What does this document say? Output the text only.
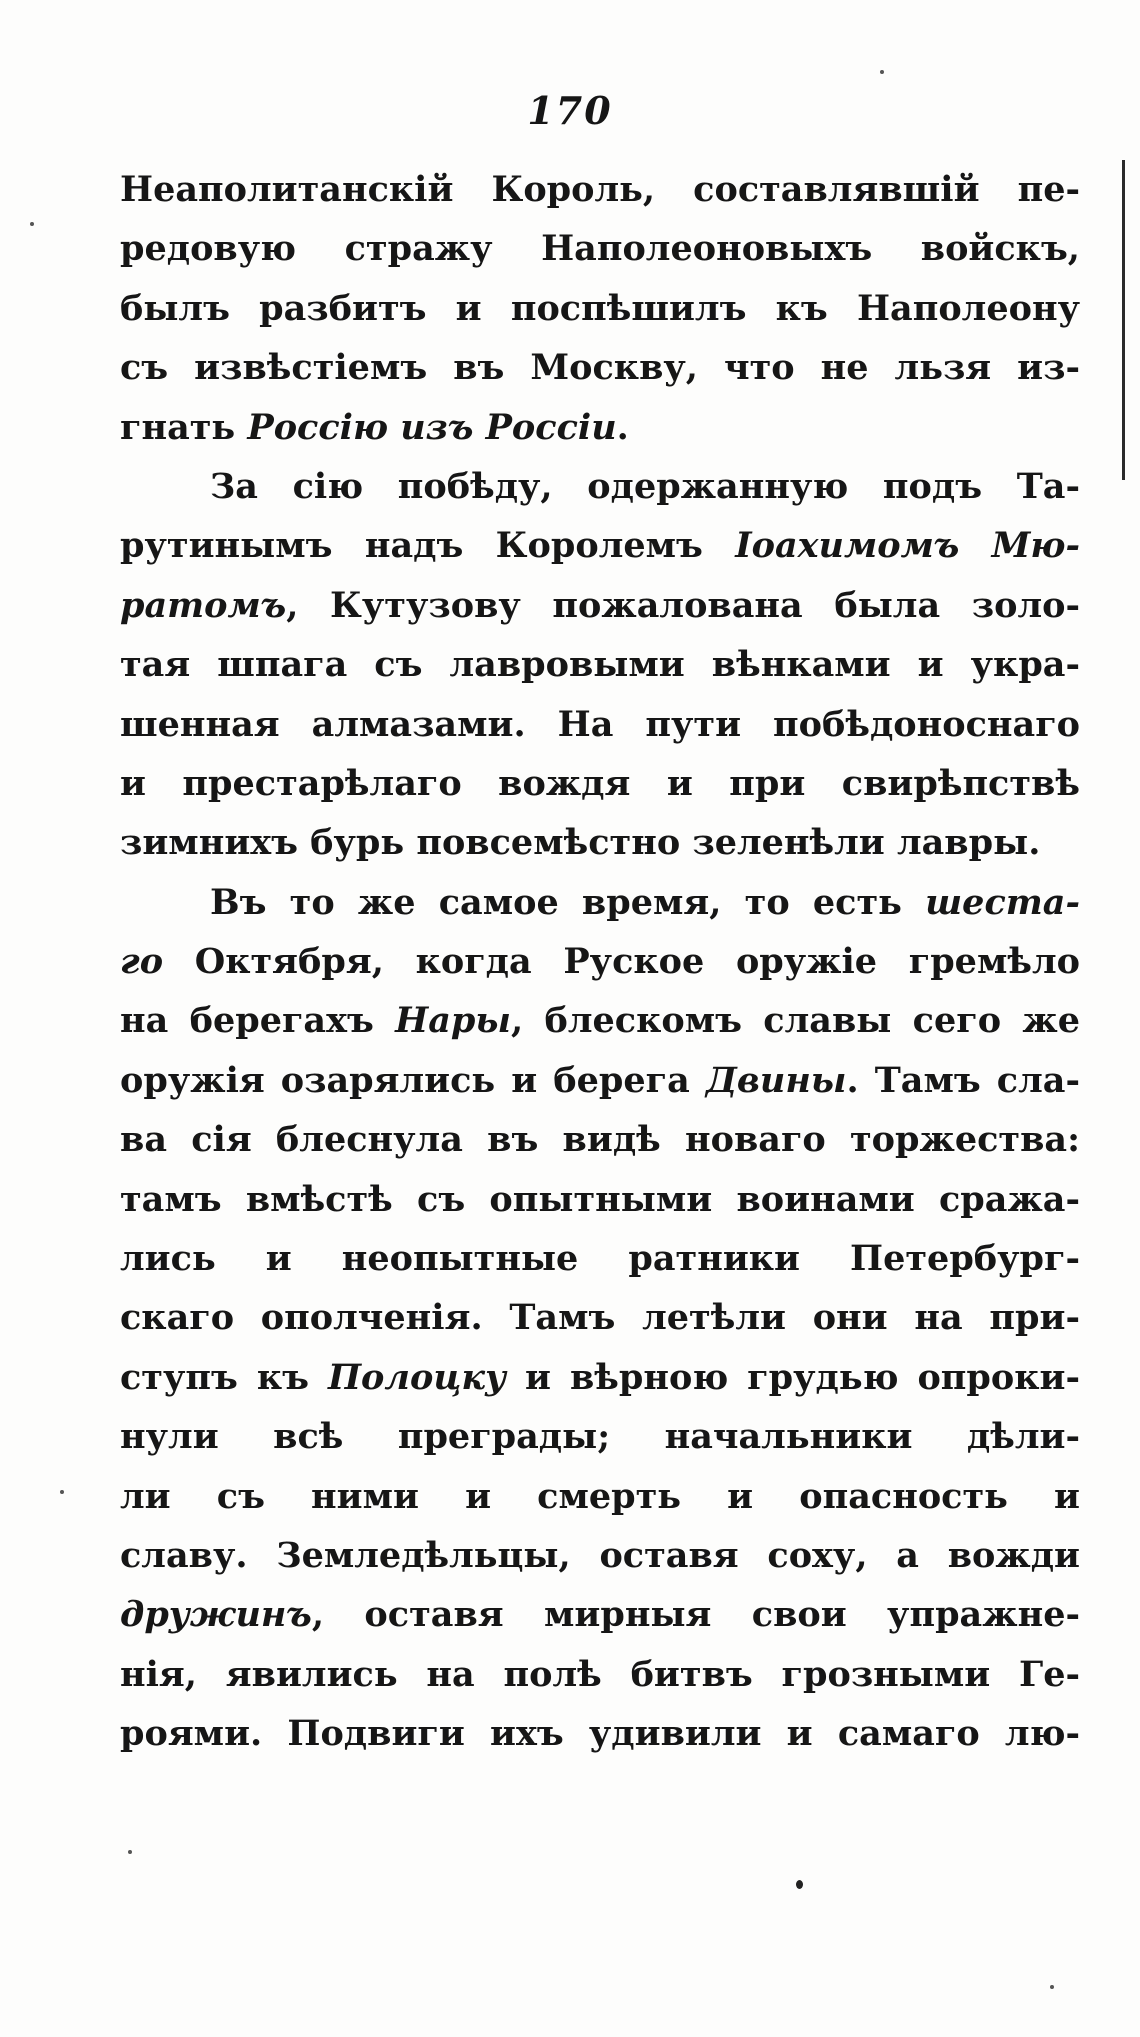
170
Неаполитанскій Король, составлявшій пе-
редовую стражу Наполеоновыхъ войскъ,
былъ разбитъ и поспѣшилъ къ Наполеону
съ извѣстіемъ въ Москву, что не льзя из-
гнать Россію изъ Россіи.
За сію побѣду, одержанную подъ Та-
рутинымъ надъ Королемъ Іоахимомъ Мю-
ратомъ, Кутузову пожалована была золо-
тая шпага съ лавровыми вѣнками и укра-
шенная алмазами. На пути побѣдоноснаго
и престарѣлаго вождя и при свирѣпствѣ
зимнихъ бурь повсемѣстно зеленѣли лавры.
Въ то же самое время, то есть шеста-
го Октября, когда Руское оружіе гремѣло
на берегахъ Нары, блескомъ славы сего же
оружія озарялись и берега Двины. Тамъ сла-
ва сія блеснула въ видѣ новаго торжества:
тамъ вмѣстѣ съ опытными воинами сража-
лись и неопытные ратники Петербург-
скаго ополченія. Тамъ летѣли они на при-
ступъ къ Полоцку и вѣрною грудью опроки-
нули всѣ преграды; начальники дѣли-
ли съ ними и смерть и опасность и
славу. Земледѣльцы, оставя соху, а вожди
дружинъ, оставя мирныя свои упражне-
нія, явились на полѣ битвъ грозными Ге-
роями. Подвиги ихъ удивили и самаго лю-
